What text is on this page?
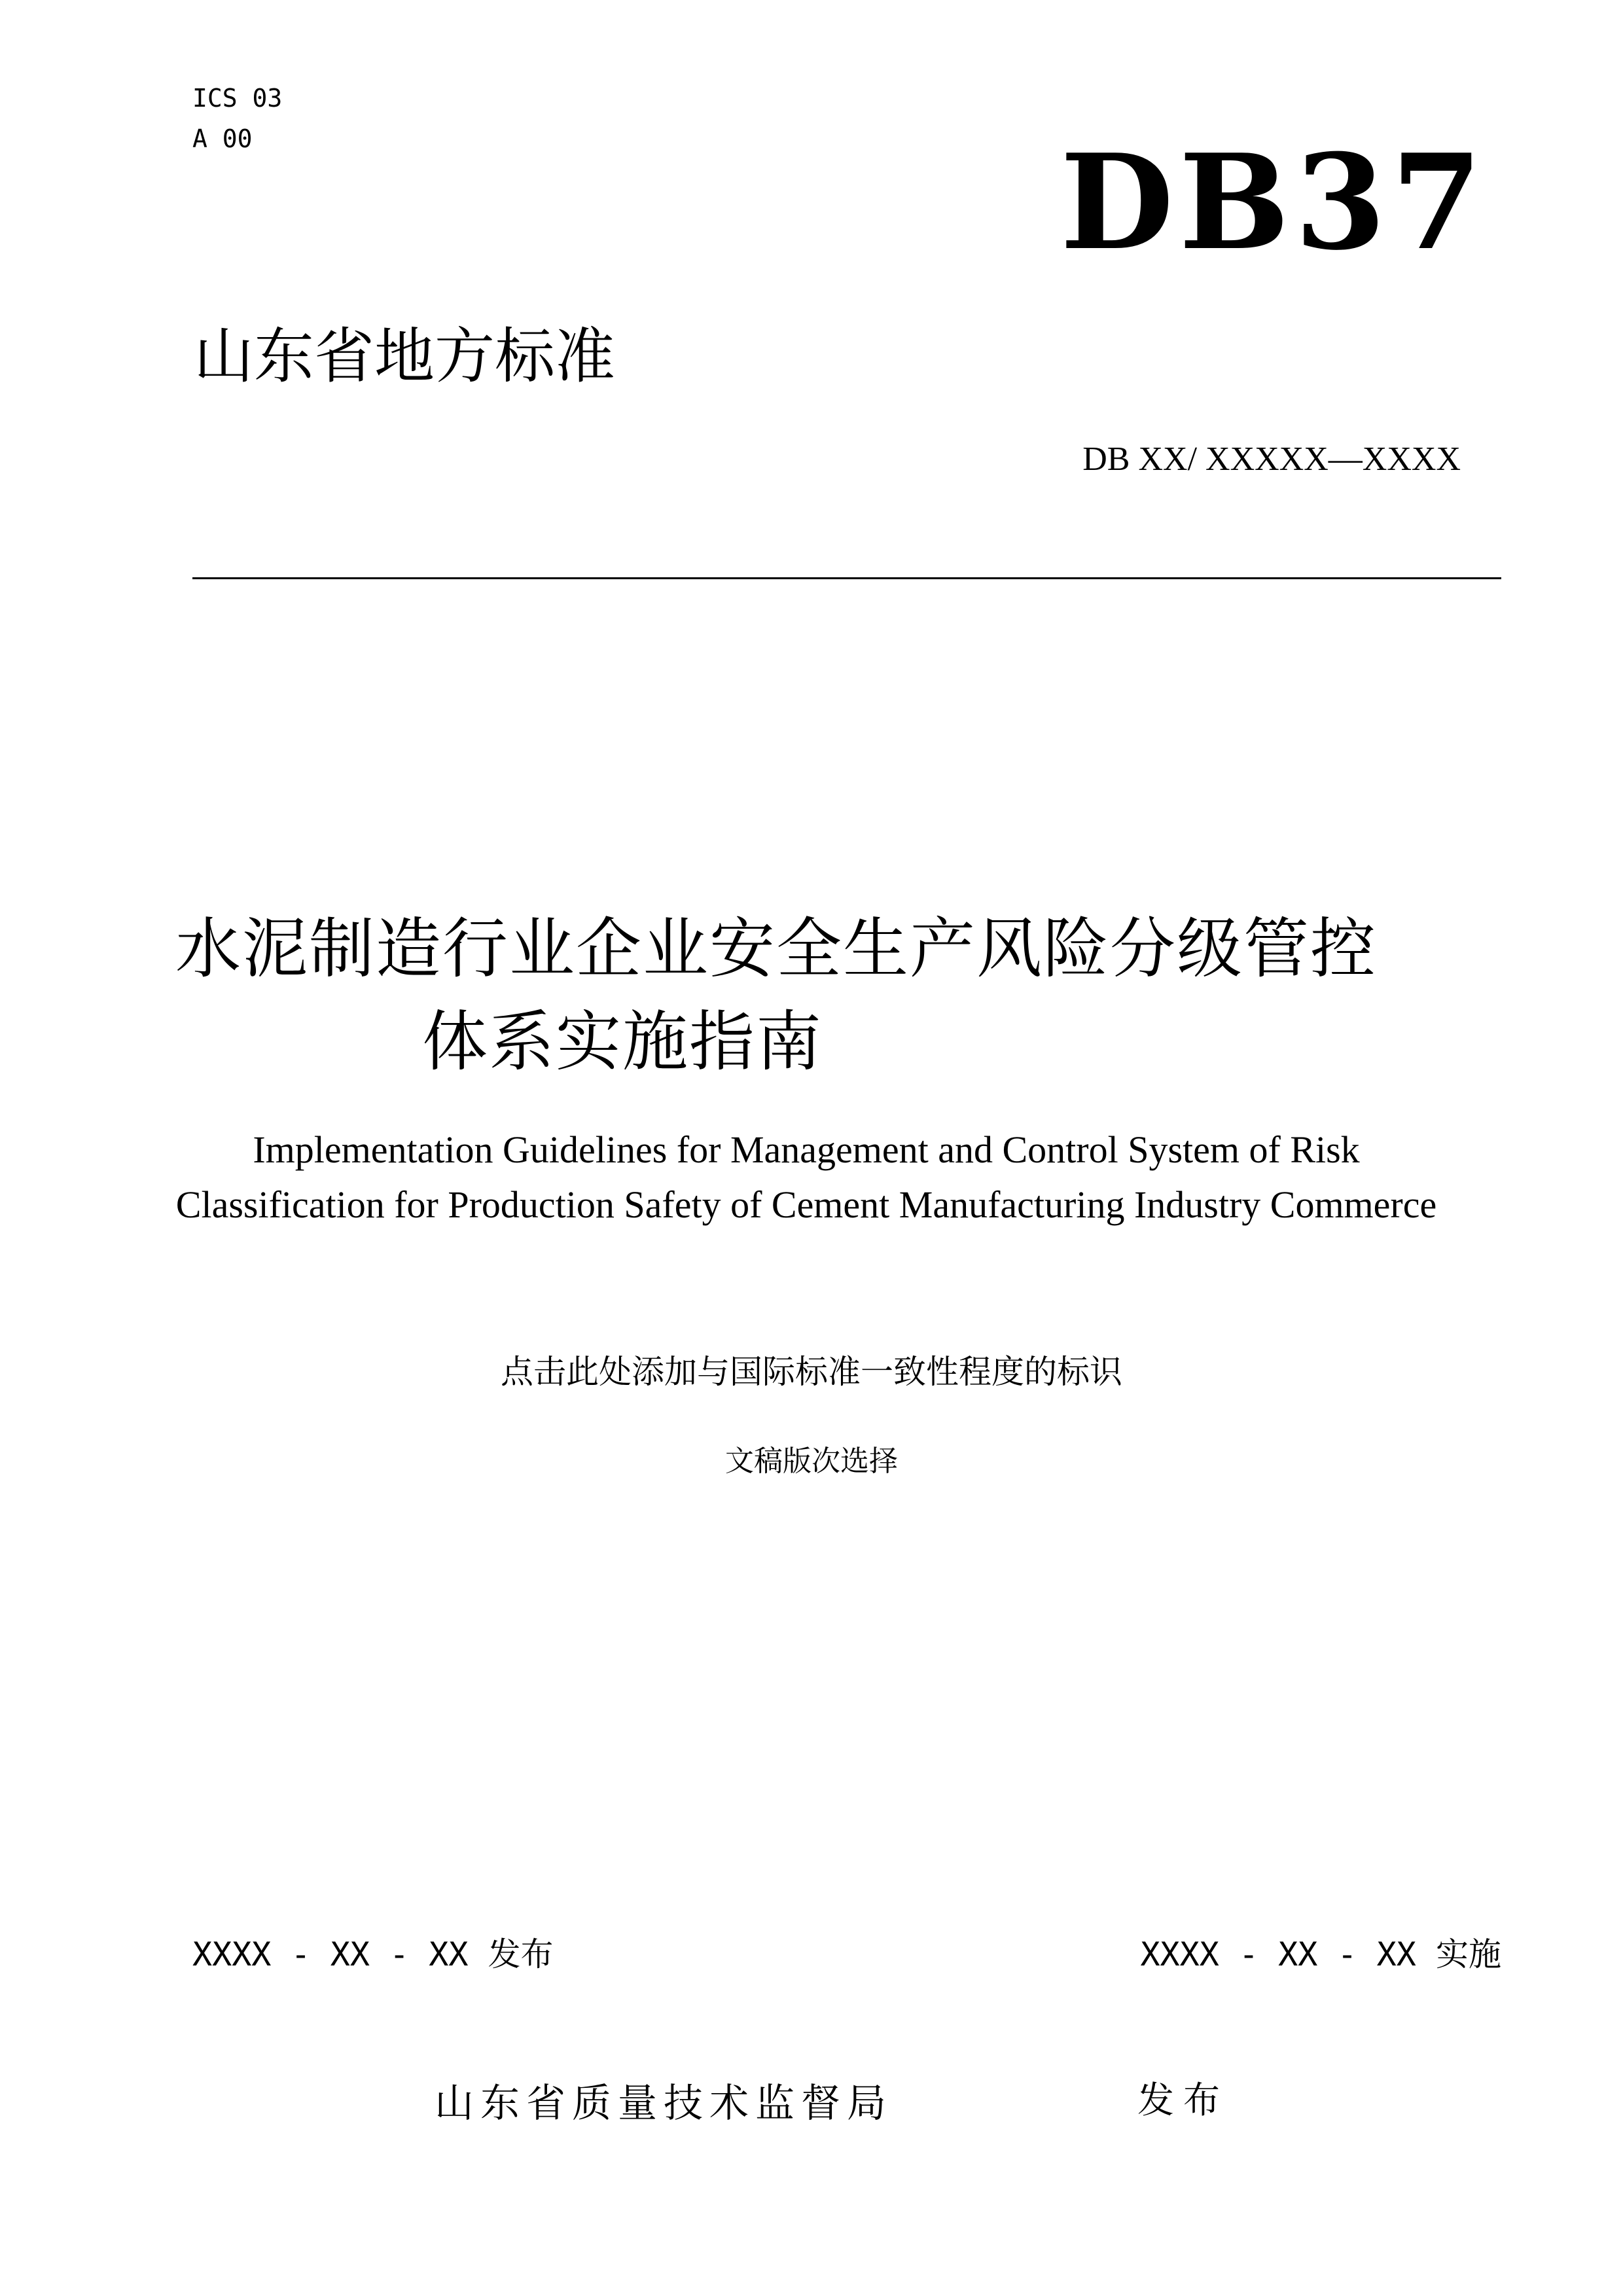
ICS 03
A 00	DB37
山东省地方标准
DB XX/ XXXXX—XXXX
水泥制造行业企业安全生产风险分级管控
体系实施指南
Implementation Guidelines for Management and Control System of Risk
Classification for Production Safety of Cement Manufacturing Industry Commerce
点击此处添加与国际标准一致性程度的标识
文稿版次选择
XXXX - XX - XX 发布	XXXX - XX - XX 实施
山东省质量技术监督局	发布
